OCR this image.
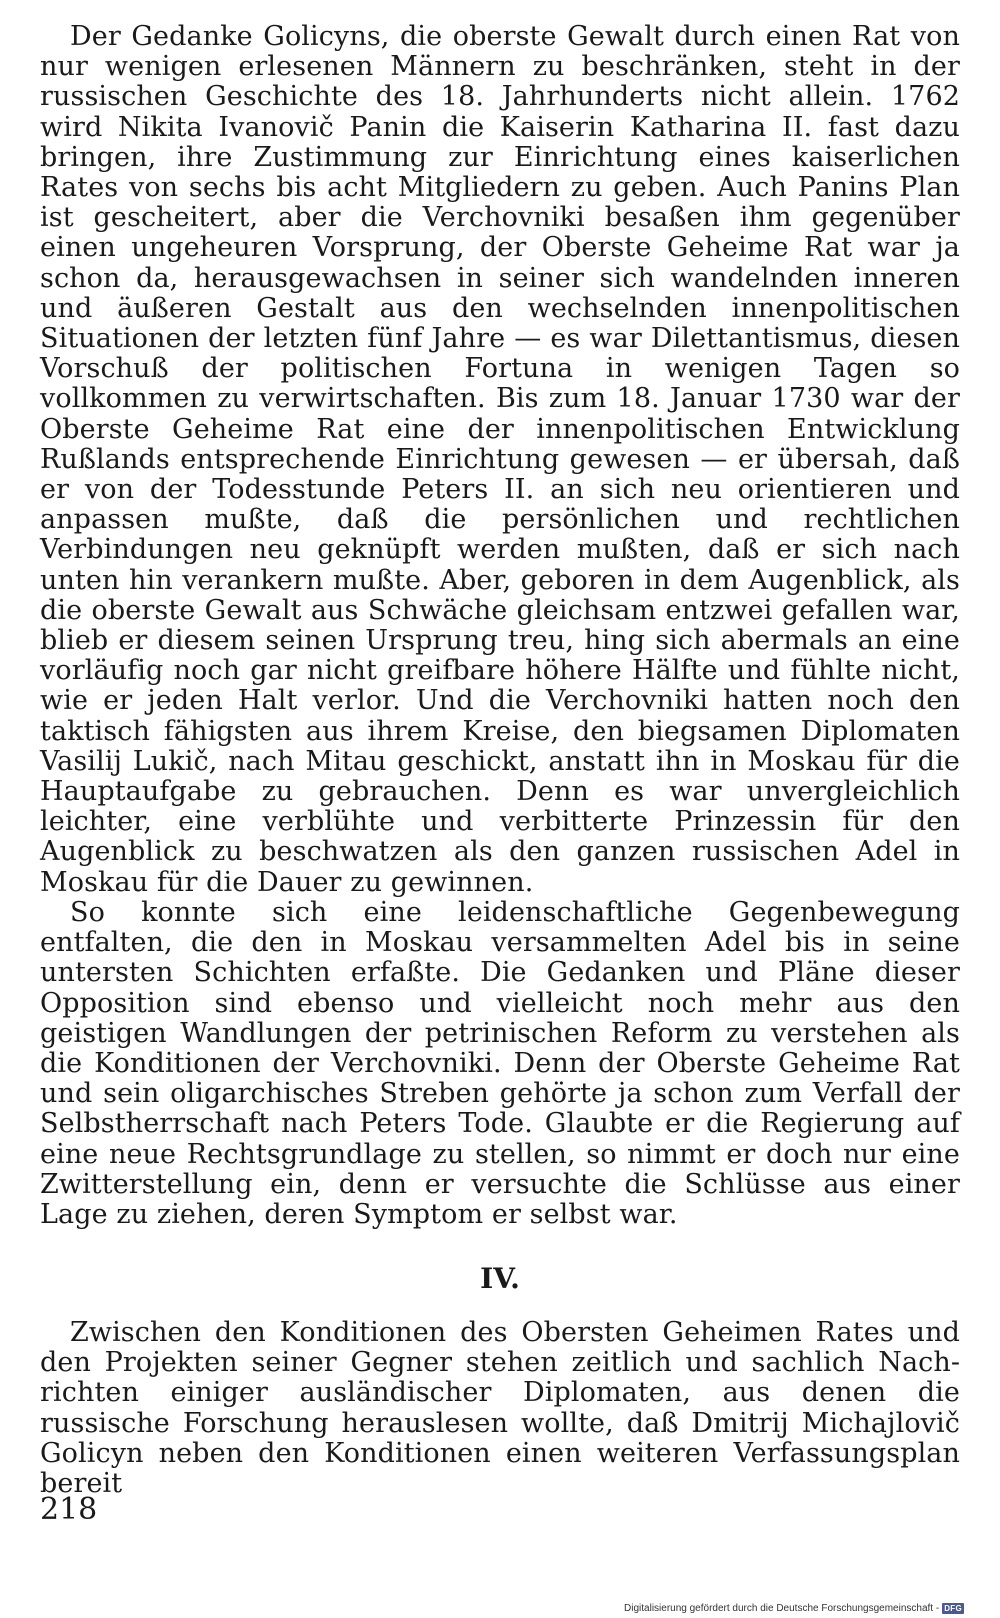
Der Gedanke Golicyns, die oberste Gewalt durch einen Rat von nur wenigen erlesenen Männern zu beschränken, steht in der russischen Geschichte des 18. Jahrhunderts nicht allein. 1762 wird Nikita Ivanovič Panin die Kaiserin Katharina II. fast dazu bringen, ihre Zustimmung zur Einrichtung eines kaiserlichen Rates von sechs bis acht Mitgliedern zu geben. Auch Panins Plan ist gescheitert, aber die Verchovniki besaßen ihm gegenüber einen ungeheuren Vorsprung, der Oberste Geheime Rat war ja schon da, herausgewachsen in seiner sich wandelnden inneren und äußeren Gestalt aus den wechselnden innenpolitischen Situationen der letzten fünf Jahre — es war Dilettantismus, diesen Vorschuß der politischen Fortuna in wenigen Tagen so vollkommen zu verwirtschaften. Bis zum 18. Januar 1730 war der Oberste Geheime Rat eine der innenpolitischen Entwicklung Rußlands entsprechende Einrichtung gewesen — er übersah, daß er von der Todesstunde Peters II. an sich neu orientieren und anpassen mußte, daß die persönlichen und rechtlichen Verbindungen neu geknüpft werden mußten, daß er sich nach unten hin verankern mußte. Aber, geboren in dem Augenblick, als die oberste Gewalt aus Schwäche gleichsam entzwei gefallen war, blieb er diesem seinen Ursprung treu, hing sich abermals an eine vorläufig noch gar nicht greifbare höhere Hälfte und fühlte nicht, wie er jeden Halt verlor. Und die Verchovniki hatten noch den taktisch fähigsten aus ihrem Kreise, den biegsamen Diplomaten Vasilij Lukič, nach Mitau geschickt, anstatt ihn in Moskau für die Hauptaufgabe zu gebrauchen. Denn es war unvergleichlich leichter, eine verblühte und verbitterte Prinzessin für den Augenblick zu beschwatzen als den ganzen russischen Adel in Moskau für die Dauer zu gewinnen.

So konnte sich eine leidenschaftliche Gegenbewegung entfalten, die den in Moskau versammelten Adel bis in seine untersten Schichten erfaßte. Die Gedanken und Pläne dieser Opposition sind ebenso und vielleicht noch mehr aus den geistigen Wandlungen der petrinischen Reform zu verstehen als die Konditionen der Verchovniki. Denn der Oberste Geheime Rat und sein oligarchisches Streben gehörte ja schon zum Verfall der Selbstherrschaft nach Peters Tode. Glaubte er die Regierung auf eine neue Rechtsgrundlage zu stellen, so nimmt er doch nur eine Zwitterstellung ein, denn er versuchte die Schlüsse aus einer Lage zu ziehen, deren Symptom er selbst war.

IV.

Zwischen den Konditionen des Obersten Geheimen Rates und den Projekten seiner Gegner stehen zeitlich und sachlich Nachrichten einiger ausländischer Diplomaten, aus denen die russische Forschung herauslesen wollte, daß Dmitrij Michajlovič Golicyn neben den Konditionen einen weiteren Verfassungsplan bereit

218
Digitalisierung gefördert durch die Deutsche Forschungsgemeinschaft - DFG
